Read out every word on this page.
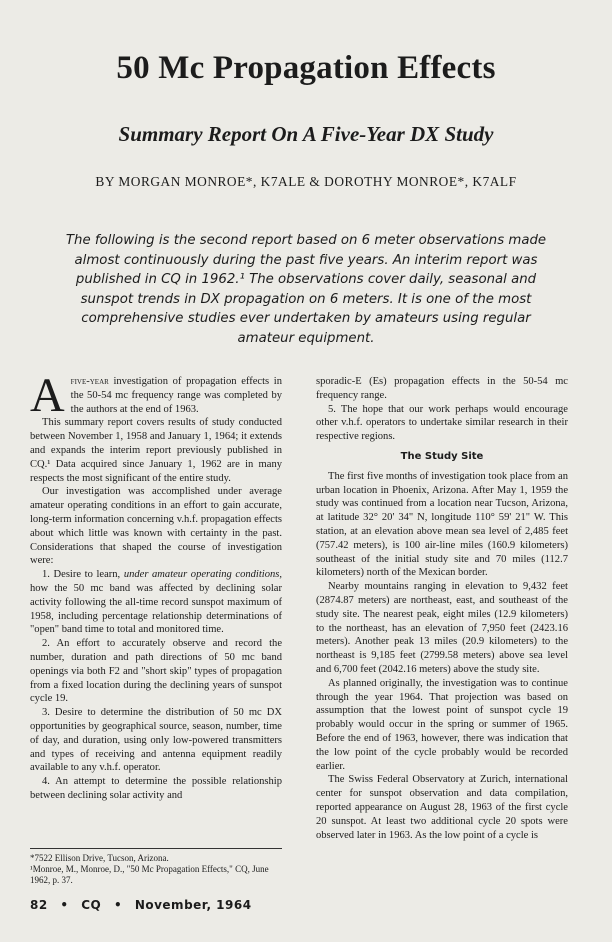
50 Mc Propagation Effects
Summary Report On A Five-Year DX Study
BY MORGAN MONROE*, K7ALE & DOROTHY MONROE*, K7ALF
The following is the second report based on 6 meter observations made almost continuously during the past five years. An interim report was published in CQ in 1962.¹ The observations cover daily, seasonal and sunspot trends in DX propagation on 6 meters. It is one of the most comprehensive studies ever undertaken by amateurs using regular amateur equipment.

Afive-year investigation of propagation effects in the 50-54 mc frequency range was completed by the authors at the end of 1963.

This summary report covers results of study conducted between November 1, 1958 and January 1, 1964; it extends and expands the interim report previously published in CQ.¹ Data acquired since January 1, 1962 are in many respects the most significant of the entire study.

Our investigation was accomplished under average amateur operating conditions in an effort to gain accurate, long-term information concerning v.h.f. propagation effects about which little was known with certainty in the past. Considerations that shaped the course of investigation were:

1. Desire to learn, under amateur operating conditions, how the 50 mc band was affected by declining solar activity following the all-time record sunspot maximum of 1958, including percentage relationship determinations of "open" band time to total and monitored time.

2. An effort to accurately observe and record the number, duration and path directions of 50 mc band openings via both F2 and "short skip" types of propagation from a fixed location during the declining years of sunspot cycle 19.

3. Desire to determine the distribution of 50 mc DX opportunities by geographical source, season, number, time of day, and duration, using only low-powered transmitters and types of receiving and antenna equipment readily available to any v.h.f. operator.

4. An attempt to determine the possible relationship between declining solar activity and

sporadic-E (Es) propagation effects in the 50-54 mc frequency range.

5. The hope that our work perhaps would encourage other v.h.f. operators to undertake similar research in their respective regions.

The Study Site

The first five months of investigation took place from an urban location in Phoenix, Arizona. After May 1, 1959 the study was continued from a location near Tucson, Arizona, at latitude 32° 20' 34" N, longitude 110° 59' 21" W. This station, at an elevation above mean sea level of 2,485 feet (757.42 meters), is 100 air-line miles (160.9 kilometers) southeast of the initial study site and 70 miles (112.7 kilometers) north of the Mexican border.

Nearby mountains ranging in elevation to 9,432 feet (2874.87 meters) are northeast, east, and southeast of the study site. The nearest peak, eight miles (12.9 kilometers) to the northeast, has an elevation of 7,950 feet (2423.16 meters). Another peak 13 miles (20.9 kilometers) to the northeast is 9,185 feet (2799.58 meters) above sea level and 6,700 feet (2042.16 meters) above the study site.

As planned originally, the investigation was to continue through the year 1964. That projection was based on assumption that the lowest point of sunspot cycle 19 probably would occur in the spring or summer of 1965. Before the end of 1963, however, there was indication that the low point of the cycle probably would be recorded earlier.

The Swiss Federal Observatory at Zurich, international center for sunspot observation and data compilation, reported appearance on August 28, 1963 of the first cycle 20 sunspot. At least two additional cycle 20 spots were observed later in 1963. As the low point of a cycle is

*7522 Ellison Drive, Tucson, Arizona.
¹Monroe, M., Monroe, D., "50 Mc Propagation Effects," CQ, June 1962, p. 37.
82 • CQ • November, 1964
